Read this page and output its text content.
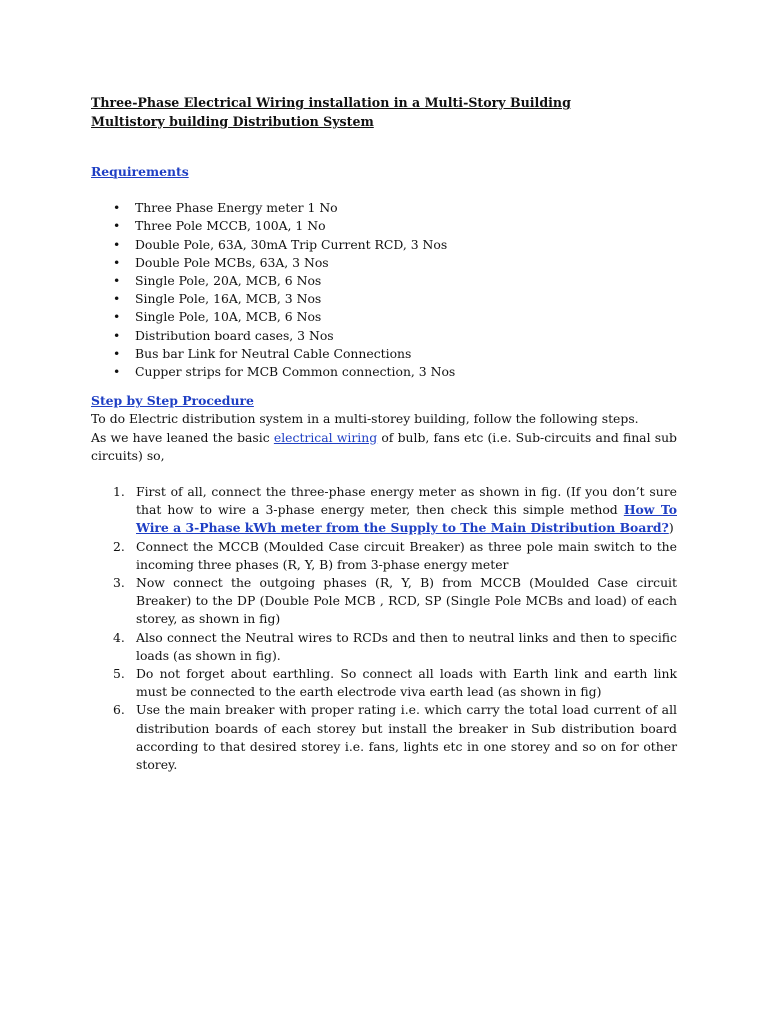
Three-Phase Electrical Wiring installation in a Multi-Story Building
Multistory building Distribution System
Requirements
• Three Phase Energy meter 1 No
• Three Pole MCCB, 100A, 1 No
• Double Pole, 63A, 30mA Trip Current RCD, 3 Nos
• Double Pole MCBs, 63A, 3 Nos
• Single Pole, 20A, MCB, 6 Nos
• Single Pole, 16A, MCB, 3 Nos
• Single Pole, 10A, MCB, 6 Nos
• Distribution board cases, 3 Nos
• Bus bar Link for Neutral Cable Connections
• Cupper strips for MCB Common connection, 3 Nos
Step by Step Procedure

To do Electric distribution system in a multi-storey building, follow the following steps.

As we have leaned the basic electrical wiring of bulb, fans etc (i.e. Sub-circuits and final sub circuits) so,

1. First of all, connect the three-phase energy meter as shown in fig. (If you don’t sure that how to wire a 3-phase energy meter, then check this simple method How To Wire a 3-Phase kWh meter from the Supply to The Main Distribution Board?)
2. Connect the MCCB (Moulded Case circuit Breaker) as three pole main switch to the incoming three phases (R, Y, B) from 3-phase energy meter
3. Now connect the outgoing phases (R, Y, B) from MCCB (Moulded Case circuit Breaker) to the DP (Double Pole MCB , RCD, SP (Single Pole MCBs and load) of each storey, as shown in fig)
4. Also connect the Neutral wires to RCDs and then to neutral links and then to specific loads (as shown in fig).
5. Do not forget about earthling. So connect all loads with Earth link and earth link must be connected to the earth electrode viva earth lead (as shown in fig)
6. Use the main breaker with proper rating i.e. which carry the total load current of all distribution boards of each storey but install the breaker in Sub distribution board according to that desired storey i.e. fans, lights etc in one storey and so on for other storey.
